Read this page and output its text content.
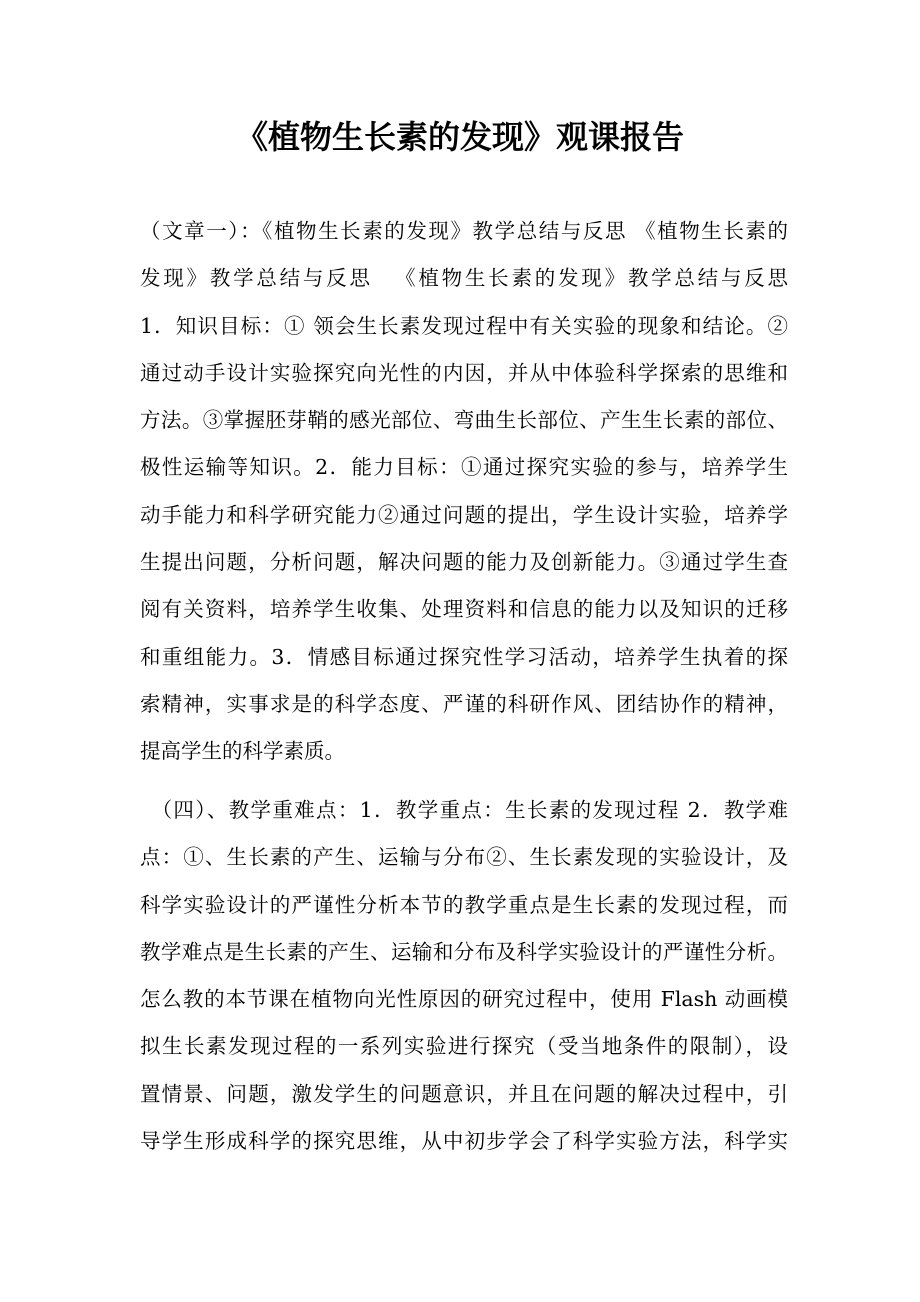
《植物生长素的发现》观课报告
（文章一）：《植物生长素的发现》教学总结与反思 《植物生长素的
发现》教学总结与反思 　《植物生长素的发现》教学总结与反思
1．知识目标：① 领会生长素发现过程中有关实验的现象和结论。②
通过动手设计实验探究向光性的内因，并从中体验科学探索的思维和
方法。③掌握胚芽鞘的感光部位、弯曲生长部位、产生生长素的部位、
极性运输等知识。2．能力目标：①通过探究实验的参与，培养学生
动手能力和科学研究能力②通过问题的提出，学生设计实验，培养学
生提出问题，分析问题，解决问题的能力及创新能力。③通过学生查
阅有关资料，培养学生收集、处理资料和信息的能力以及知识的迁移
和重组能力。3．情感目标通过探究性学习活动，培养学生执着的探
索精神，实事求是的科学态度、严谨的科研作风、团结协作的精神，
提高学生的科学素质。
　（四）、教学重难点：1．教学重点：生长素的发现过程 2．教学难
点：①、生长素的产生、运输与分布②、生长素发现的实验设计，及
科学实验设计的严谨性分析本节的教学重点是生长素的发现过程，而
教学难点是生长素的产生、运输和分布及科学实验设计的严谨性分析。
怎么教的本节课在植物向光性原因的研究过程中，使用 Flash 动画模
拟生长素发现过程的一系列实验进行探究（受当地条件的限制），设
置情景、问题，激发学生的问题意识，并且在问题的解决过程中，引
导学生形成科学的探究思维，从中初步学会了科学实验方法，科学实
